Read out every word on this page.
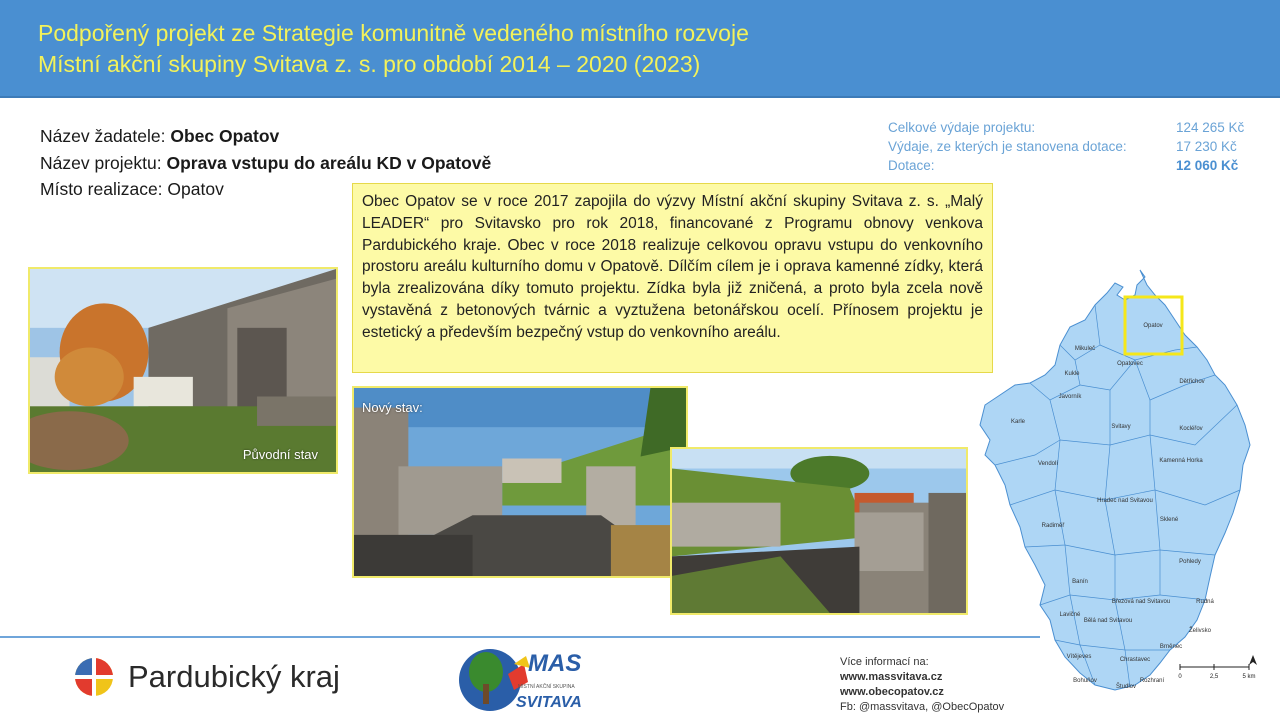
Podpořený projekt ze Strategie komunitně vedeného místního rozvoje
Místní akční skupiny Svitava z. s. pro období 2014 – 2020 (2023)
Název žadatele: Obec Opatov
Název projektu: Oprava vstupu do areálu KD v Opatově
Místo realizace: Opatov
Celkové výdaje projektu:	124 265 Kč
Výdaje, ze kterých je stanovena dotace:	17 230 Kč
Dotace:	12 060 Kč
Obec Opatov se v roce 2017 zapojila do výzvy Místní akční skupiny Svitava z. s. „Malý LEADER“ pro Svitavsko pro rok 2018, financované z Programu obnovy venkova Pardubického kraje. Obec v roce 2018 realizuje celkovou opravu vstupu do venkovního prostoru areálu kulturního domu v Opatově. Dílčím cílem je i oprava kamenné zídky, která byla zrealizována díky tomuto projektu. Zídka byla již zničená, a proto byla zcela nově vystavěná z betonových tvárnic a vyztužena betonářskou ocelí. Přínosem projektu je estetický a především bezpečný vstup do venkovního areálu.
Původní stav
Nový stav:
Opatov
Mikuleč
Opatovec
Kukle
Javorník
Dětřichov
Karle
Svitavy	Kocléřov
Vendolí	Kamenná Horka
Hradec nad Svitavou
Radiměř
Sklené
Pohledy
Banín
Březová nad Svitavou	Rudná
Lavičné
Bělá nad Svitavou
Želivsko
Brněnec
Vítějeves	Chrastavec
Bohuňov	Rozhraní
Študlov
0	2,5	5 km
Pardubický kraj	MAS
MÍSTNÍ AKČNÍ SKUPINA
SVITAVA
Více informací na:
www.massvitava.cz
www.obecopatov.cz
Fb: @massvitava, @ObecOpatov
